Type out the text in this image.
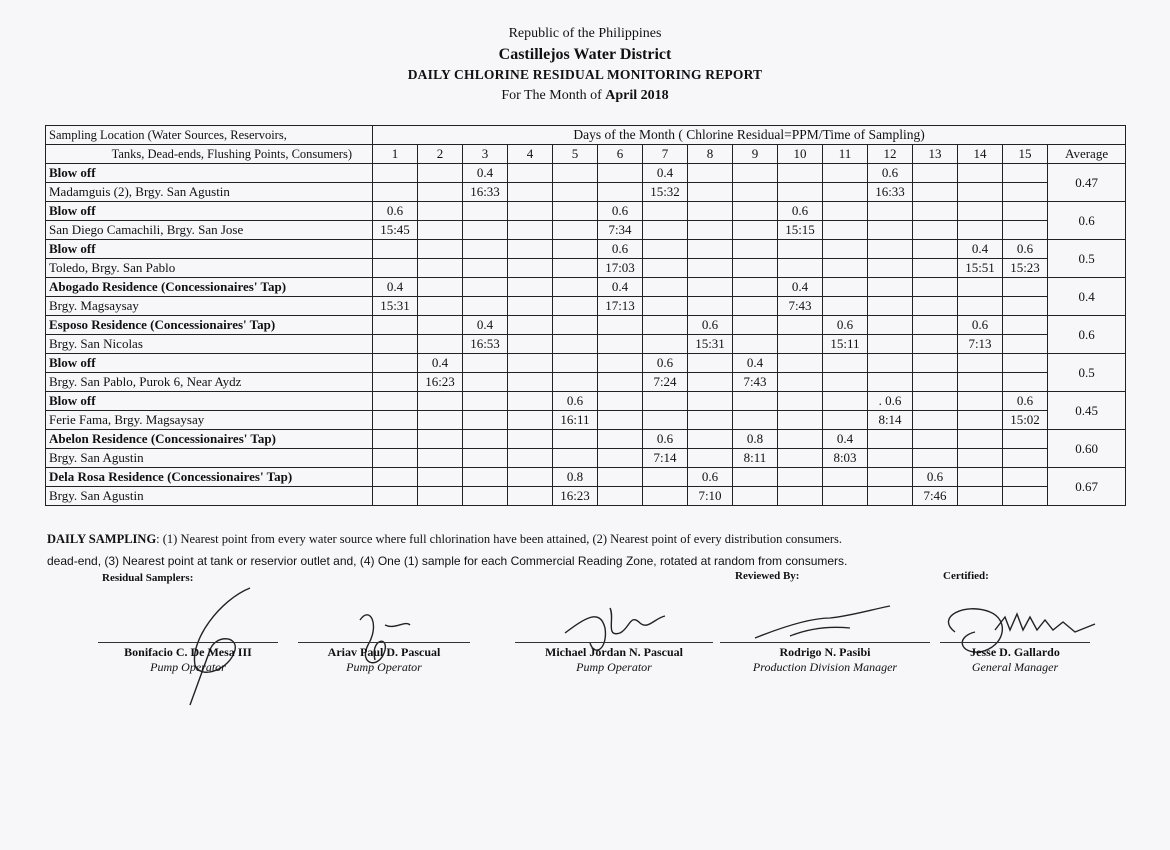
Republic of the Philippines
Castillejos Water District
DAILY CHLORINE RESIDUAL MONITORING REPORT
For The Month of April 2018
Sampling Location (Water Sources, Reservoirs,	Days of the Month ( Chlorine Residual=PPM/Time of Sampling)															
Tanks, Dead-ends, Flushing Points, Consumers)	1	2	3	4	5	6	7	8	9	10	11	12	13	14	15	Average
Blow off			0.4				0.4					0.6				0.47
Madamguis (2), Brgy. San Agustin			16:33				15:32					16:33				
Blow off	0.6					0.6				0.6						0.6
San Diego Camachili, Brgy. San Jose	15:45					7:34				15:15						
Blow off						0.6								0.4	0.6	0.5
Toledo, Brgy. San Pablo						17:03								15:51	15:23	
Abogado Residence (Concessionaires' Tap)	0.4					0.4				0.4						0.4
Brgy. Magsaysay	15:31					17:13				7:43						
Esposo Residence (Concessionaires' Tap)			0.4					0.6			0.6			0.6		0.6
Brgy. San Nicolas			16:53					15:31			15:11			7:13		
Blow off		0.4					0.6		0.4							0.5
Brgy. San Pablo, Purok 6, Near Aydz		16:23					7:24		7:43							
Blow off					0.6							. 0.6			0.6	0.45
Ferie Fama, Brgy. Magsaysay					16:11							8:14			15:02	
Abelon Residence (Concessionaires' Tap)							0.6		0.8		0.4					0.60
Brgy. San Agustin							7:14		8:11		8:03					
Dela Rosa Residence (Concessionaires' Tap)					0.8			0.6					0.6			0.67
Brgy. San Agustin					16:23			7:10					7:46			
DAILY SAMPLING: (1) Nearest point from every water source where full chlorination have been attained, (2) Nearest point of every distribution consumers.
dead-end, (3) Nearest point at tank or reservior outlet and, (4) One (1) sample for each Commercial Reading Zone, rotated at random from consumers.
Residual Samplers:	Reviewed By:	Certified:
Bonifacio C. De Mesa III
Pump Operator
Ariav Paul D. Pascual
Pump Operator
Michael Jordan N. Pascual
Pump Operator
Rodrigo N. Pasibi
Production Division Manager
Jesse D. Gallardo
General Manager
